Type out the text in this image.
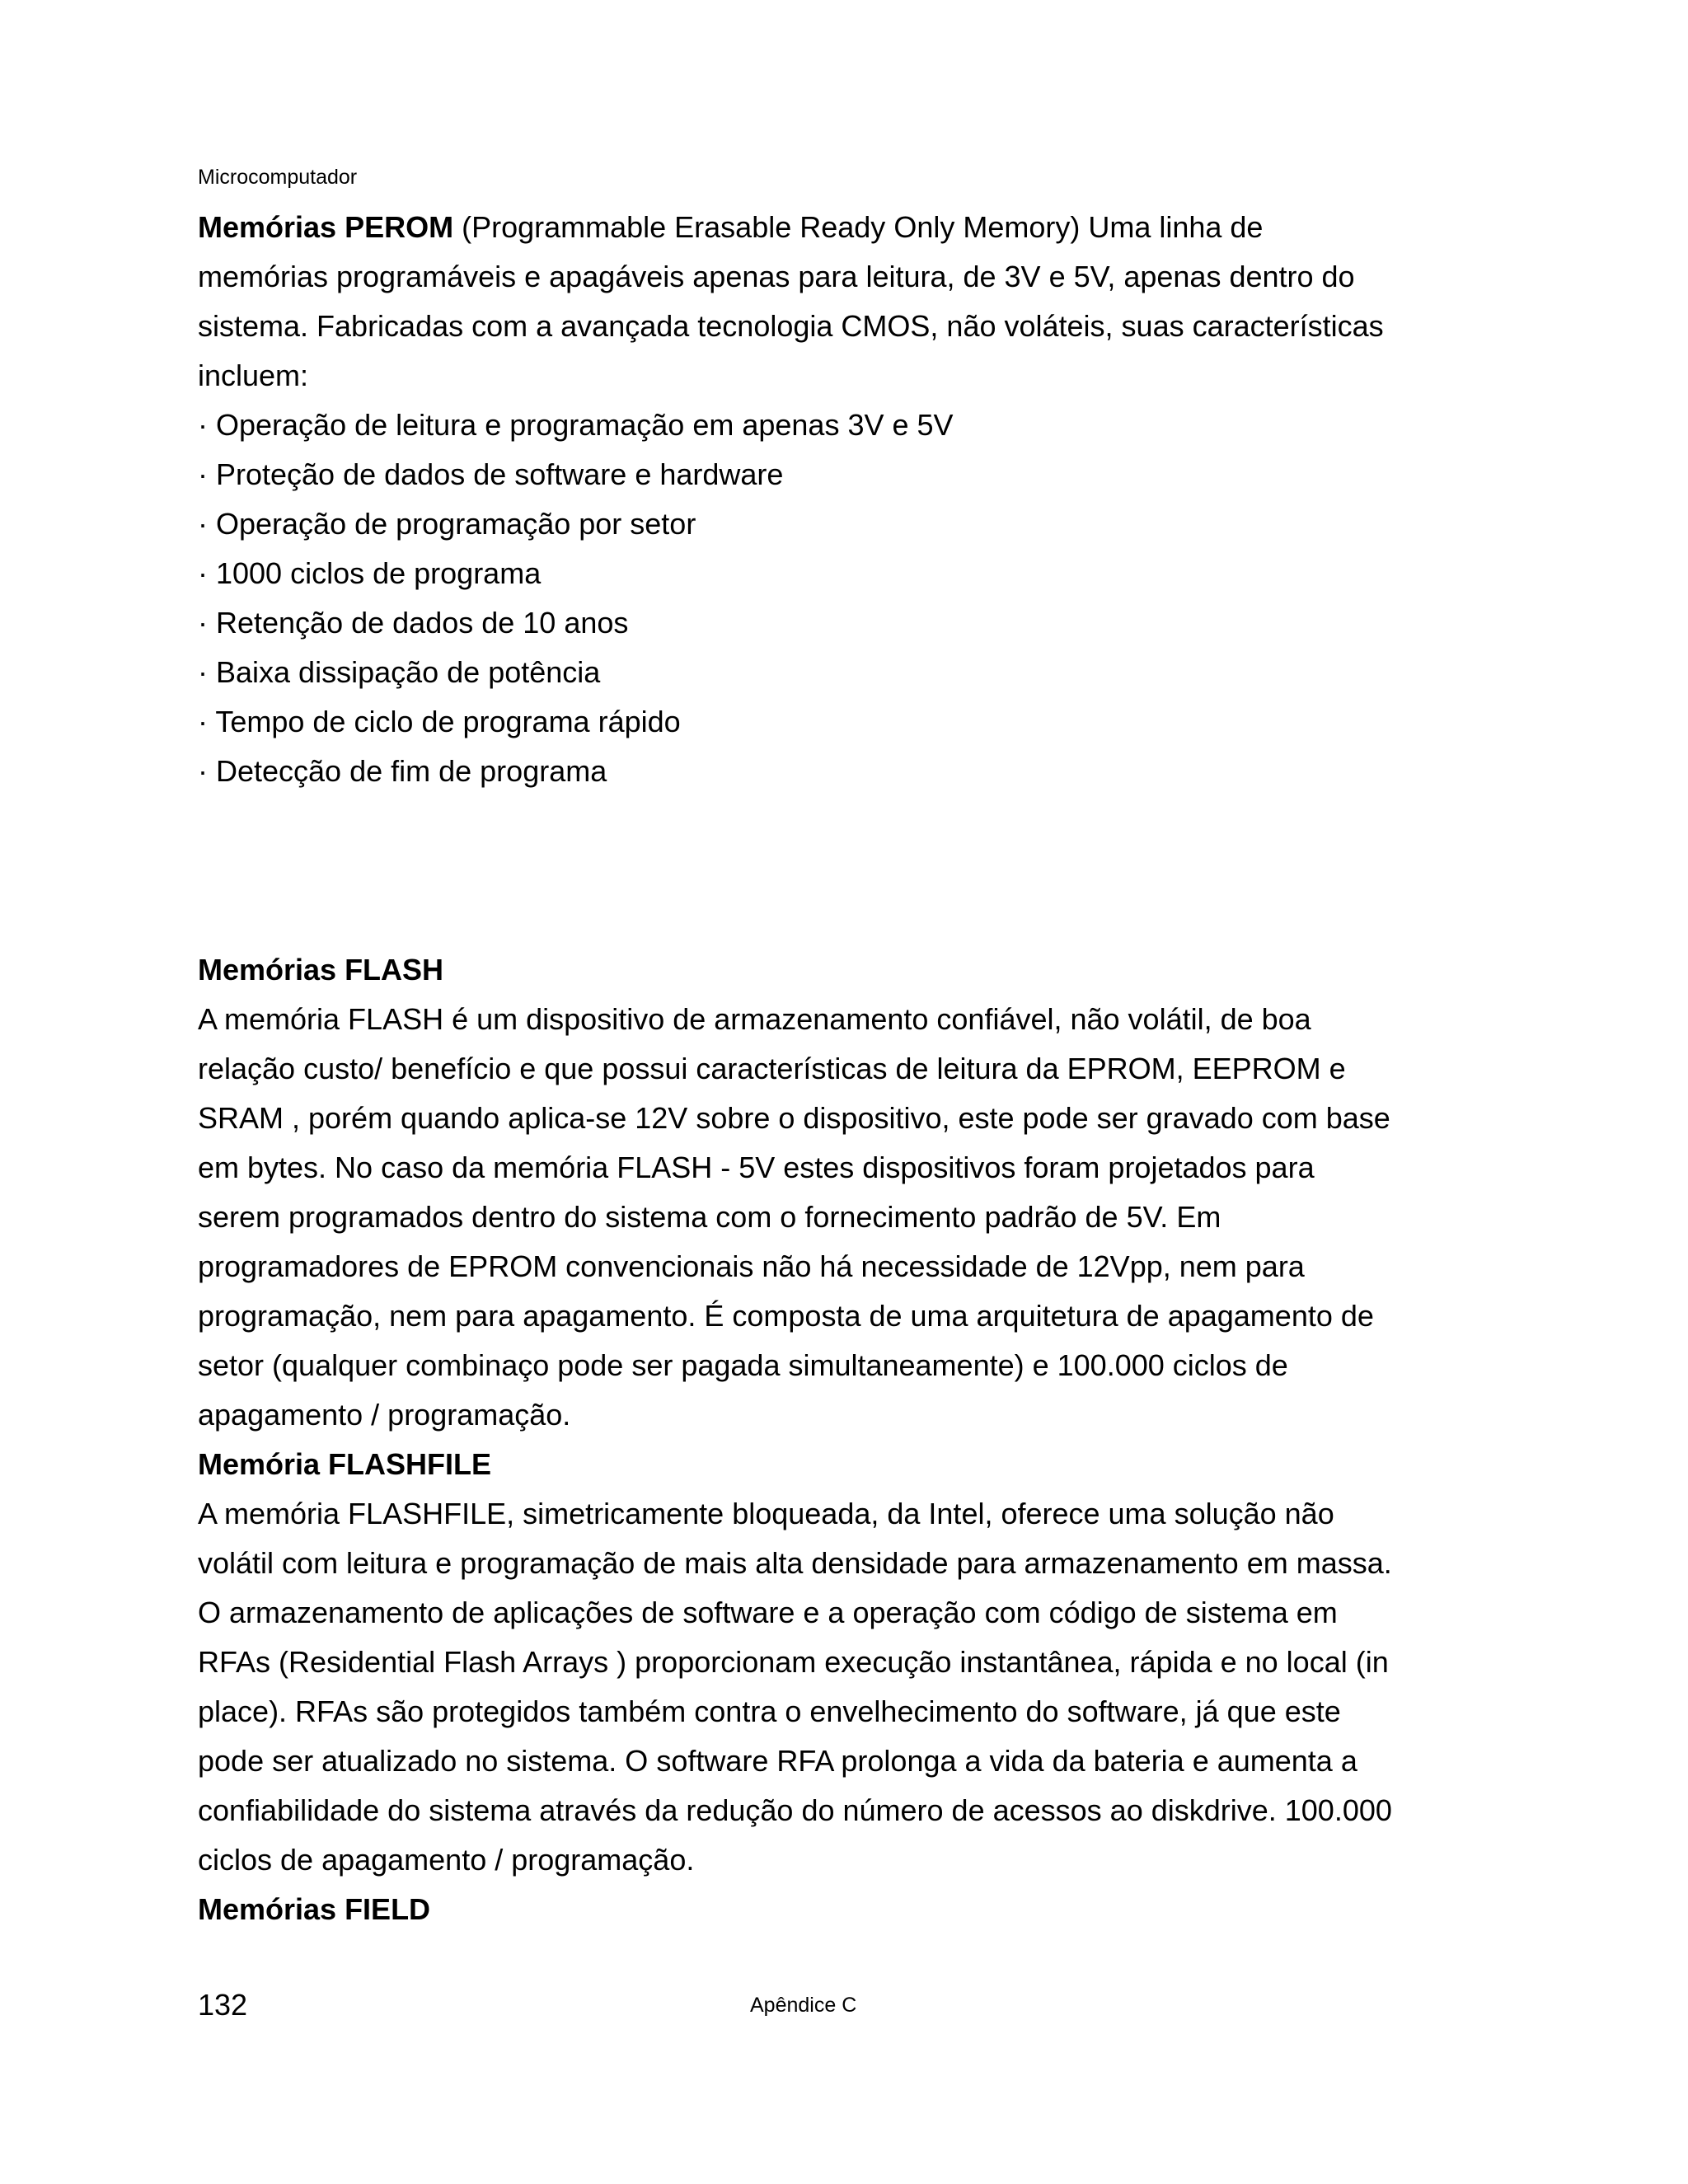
Microcomputador
Memórias PEROM (Programmable Erasable Ready Only Memory) Uma linha de
memórias programáveis e apagáveis apenas para leitura, de 3V e 5V, apenas dentro do
sistema. Fabricadas com a avançada tecnologia CMOS, não voláteis, suas características
incluem:
· Operação de leitura e programação em apenas 3V e 5V
· Proteção de dados de software e hardware
· Operação de programação por setor
· 1000 ciclos de programa
· Retenção de dados de 10 anos
· Baixa dissipação de potência
· Tempo de ciclo de programa rápido
· Detecção de fim de programa
Memórias FLASH
A memória FLASH é um dispositivo de armazenamento confiável, não volátil, de boa
relação custo/ benefício e que possui características de leitura da EPROM, EEPROM e
SRAM , porém quando aplica-se 12V sobre o dispositivo, este pode ser gravado com base
em bytes. No caso da memória FLASH - 5V estes dispositivos foram projetados para
serem programados dentro do sistema com o fornecimento padrão de 5V. Em
programadores de EPROM convencionais não há necessidade de 12Vpp, nem para
programação, nem para apagamento. É composta de uma arquitetura de apagamento de
setor (qualquer combinaço pode ser pagada simultaneamente) e 100.000 ciclos de
apagamento / programação.
Memória FLASHFILE
A memória FLASHFILE, simetricamente bloqueada, da Intel, oferece uma solução não
volátil com leitura e programação de mais alta densidade para armazenamento em massa.
O armazenamento de aplicações de software e a operação com código de sistema em
RFAs (Residential Flash Arrays ) proporcionam execução instantânea, rápida e no local (in
place). RFAs são protegidos também contra o envelhecimento do software, já que este
pode ser atualizado no sistema. O software RFA prolonga a vida da bateria e aumenta a
confiabilidade do sistema através da redução do número de acessos ao diskdrive. 100.000
ciclos de apagamento / programação.
Memórias FIELD
132	Apêndice C
